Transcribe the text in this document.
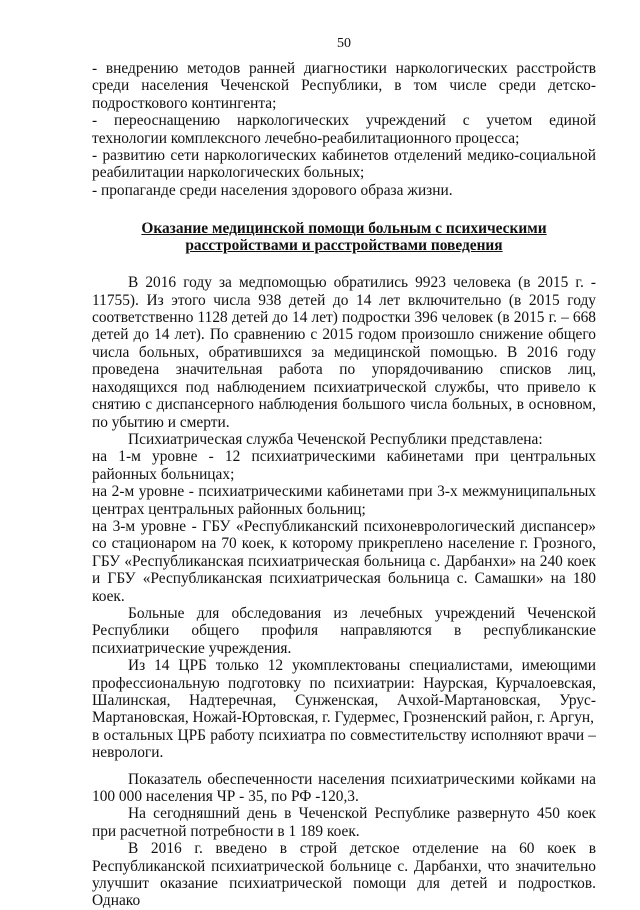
50

- внедрению методов ранней диагностики наркологических расстройств среди населения Чеченской Республики, в том числе среди детско-подросткового контингента;

- переоснащению наркологических учреждений с учетом единой технологии комплексного лечебно-реабилитационного процесса;

- развитию сети наркологических кабинетов отделений медико-социальной реабилитации наркологических больных;

- пропаганде среди населения здорового образа жизни.

Оказание медицинской помощи больным с психическими
расстройствами и расстройствами поведения

В 2016 году за медпомощью обратились 9923 человека (в 2015 г. - 11755). Из этого числа 938 детей до 14 лет включительно (в 2015 году соответственно 1128 детей до 14 лет) подростки 396 человек (в 2015 г. – 668 детей до 14 лет). По сравнению с 2015 годом произошло снижение общего числа больных, обратившихся за медицинской помощью. В 2016 году проведена значительная работа по упорядочиванию списков лиц, находящихся под наблюдением психиатрической службы, что привело к снятию с диспансерного наблюдения большого числа больных, в основном, по убытию и смерти.

Психиатрическая служба Чеченской Республики представлена:

на 1-м уровне - 12 психиатрическими кабинетами при центральных районных больницах;

на 2-м уровне - психиатрическими кабинетами при 3-х межмуниципальных центрах центральных районных больниц;

на 3-м уровне - ГБУ «Республиканский психоневрологический диспансер» со стационаром на 70 коек, к которому прикреплено население г. Грозного, ГБУ «Республиканская психиатрическая больница с. Дарбанхи» на 240 коек и ГБУ «Республиканская психиатрическая больница с. Самашки» на 180 коек.

Больные для обследования из лечебных учреждений Чеченской Республики общего профиля направляются в республиканские психиатрические учреждения.

Из 14 ЦРБ только 12 укомплектованы специалистами, имеющими профессиональную подготовку по психиатрии: Наурская, Курчалоевская, Шалинская, Надтеречная, Сунженская, Ачхой-Мартановская, Урус-Мартановская, Ножай-Юртовская, г. Гудермес, Грозненский район, г. Аргун,

в остальных ЦРБ работу психиатра по совместительству исполняют врачи – неврологи.

Показатель обеспеченности населения психиатрическими койками на 100 000 населения ЧР - 35, по РФ -120,3.

На сегодняшний день в Чеченской Республике развернуто 450 коек при расчетной потребности в 1 189 коек.

В 2016 г. введено в строй детское отделение на 60 коек в Республиканской психиатрической больнице с. Дарбанхи, что значительно улучшит оказание психиатрической помощи для детей и подростков. Однако
